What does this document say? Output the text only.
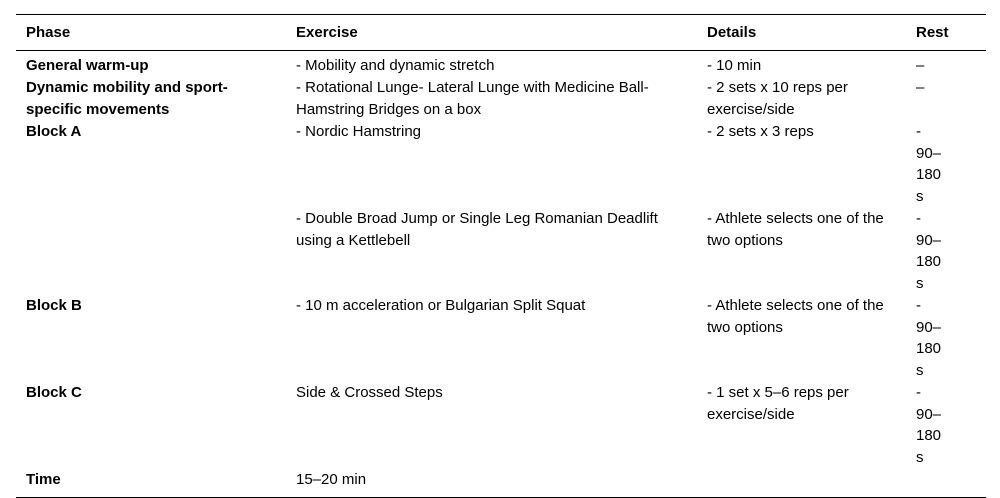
Phase	Exercise	Details	Rest
General warm-up	- Mobility and dynamic stretch	- 10 min	–
Dynamic mobility and sport-specific movements	- Rotational Lunge- Lateral Lunge with Medicine Ball- Hamstring Bridges on a box	- 2 sets x 10 reps per exercise/side	–
Block A	- Nordic Hamstring	- 2 sets x 3 reps	- 90–180 s
	- Double Broad Jump or Single Leg Romanian Deadlift using a Kettlebell	- Athlete selects one of the two options	- 90–180 s
Block B	- 10 m acceleration or Bulgarian Split Squat	- Athlete selects one of the two options	- 90–180 s
Block C	Side & Crossed Steps	- 1 set x 5–6 reps per exercise/side	- 90–180 s
Time	15–20 min		
